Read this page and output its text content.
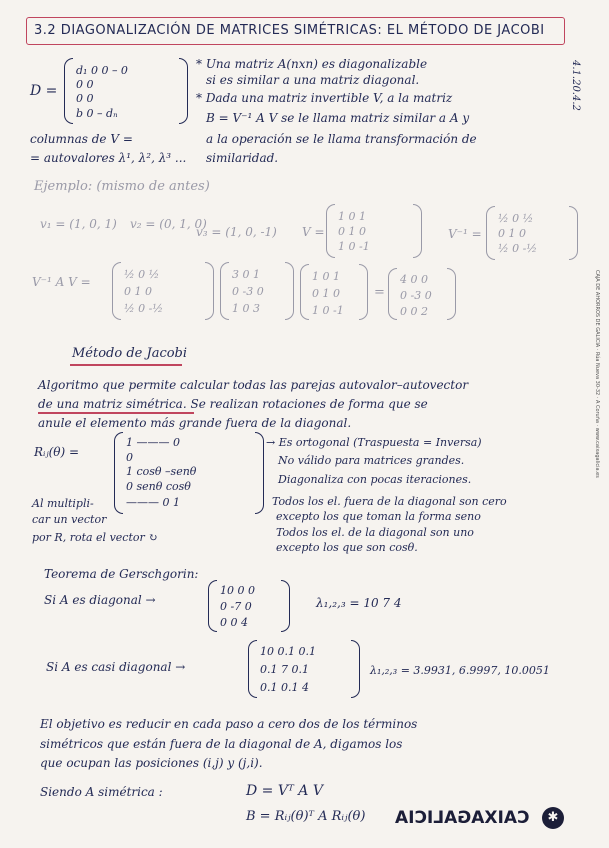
3.2 DIAGONALIZACIÓN DE MATRICES SIMÉTRICAS: EL MÉTODO DE JACOBI
4.1.20.4.2
D =
d₁ 0 0 – 0
0 0
0 0
b 0 – dₙ
* Una matriz A(nxn) es diagonalizable
si es similar a una matriz diagonal.
* Dada una matriz invertible V, a la matriz
B = V⁻¹ A V se le llama matriz similar a A y
a la operación se le llama transformación de
similaridad.
columnas de V =
= autovalores λ¹, λ², λ³ ...
Ejemplo: (mismo de antes)
v₁ = (1, 0, 1) v₂ = (0, 1, 0)
v₃ = (1, 0, -1) V =
1 0 1
0 1 0
1 0 -1
V⁻¹ =
½ 0 ½
0 1 0
½ 0 -½
V⁻¹ A V =
½ 0 ½
0 1 0
½ 0 -½
3 0 1
0 -3 0
1 0 3
1 0 1
0 1 0
1 0 -1
=
4 0 0
0 -3 0
0 0 2
Método de Jacobi
Algoritmo que permite calcular todas las parejas autovalor–autovector
de una matriz simétrica. Se realizan rotaciones de forma que se
anule el elemento más grande fuera de la diagonal.
Rᵢⱼ(θ) =
1 ——— 0
0
1 cosθ –senθ
0 senθ cosθ
——— 0 1
→ Es ortogonal (Traspuesta = Inversa)
No válido para matrices grandes.
Diagonaliza con pocas iteraciones.
Todos los el. fuera de la diagonal son cero
excepto los que toman la forma seno
Todos los el. de la diagonal son uno
excepto los que son cosθ.
Al multipli-
car un vector
por R, rota el vector ↻
Teorema de Gerschgorin:
Si A es diagonal →
10 0 0
0 -7 0
0 0 4
λ₁,₂,₃ = 10 7 4
Si A es casi diagonal →
10 0.1 0.1
0.1 7 0.1
0.1 0.1 4
λ₁,₂,₃ = 3.9931, 6.9997, 10.0051
El objetivo es reducir en cada paso a cero dos de los términos
simétricos que están fuera de la diagonal de A, digamos los
que ocupan las posiciones (i,j) y (j,i).
Siendo A simétrica :	D = Vᵀ A V
B = Rᵢⱼ(θ)ᵀ A Rᵢⱼ(θ)
CAJA DE AHORROS DE GALICIA · Rúa Nueva 30-32 · A Coruña · www.caixagalicia.es
CAIXAGALICIA	✱
